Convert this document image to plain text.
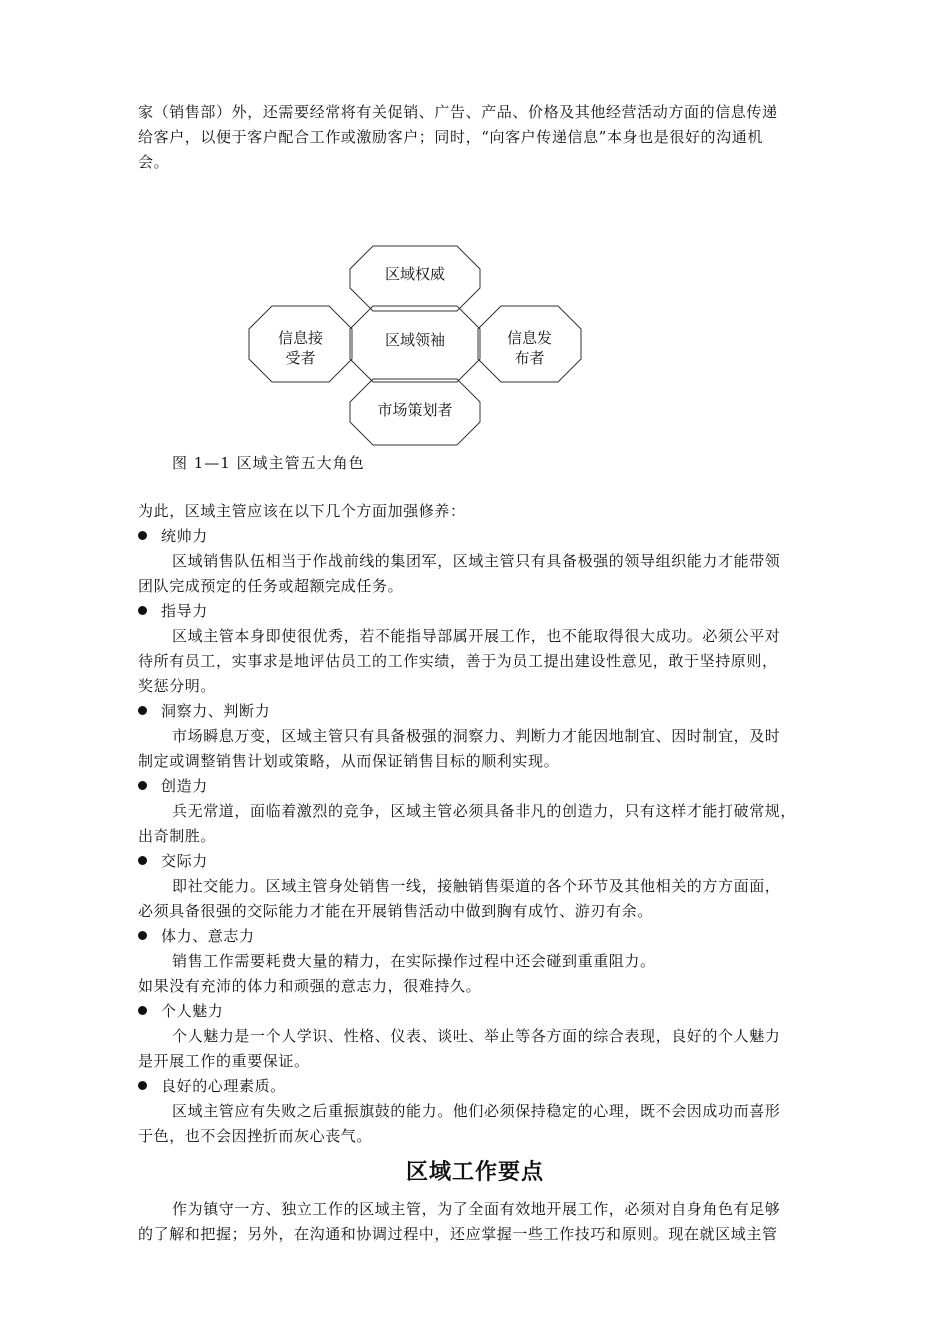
家（销售部）外，还需要经常将有关促销、广告、产品、价格及其他经营活动方面的信息传递
给客户，以便于客户配合工作或激励客户；同时，“向客户传递信息”本身也是很好的沟通机
会。
区域权威
区域领袖
信息接
受者
信息发
布者
市场策划者
图 1—1 区域主管五大角色
为此，区域主管应该在以下几个方面加强修养：
统帅力
区域销售队伍相当于作战前线的集团军，区域主管只有具备极强的领导组织能力才能带领
团队完成预定的任务或超额完成任务。
指导力
区域主管本身即使很优秀，若不能指导部属开展工作，也不能取得很大成功。必须公平对
待所有员工，实事求是地评估员工的工作实绩，善于为员工提出建设性意见，敢于坚持原则，
奖惩分明。
洞察力、判断力
市场瞬息万变，区域主管只有具备极强的洞察力、判断力才能因地制宜、因时制宜，及时
制定或调整销售计划或策略，从而保证销售目标的顺利实现。
创造力
兵无常道，面临着激烈的竞争，区域主管必须具备非凡的创造力，只有这样才能打破常规，
出奇制胜。
交际力
即社交能力。区域主管身处销售一线，接触销售渠道的各个环节及其他相关的方方面面，
必须具备很强的交际能力才能在开展销售活动中做到胸有成竹、游刃有余。
体力、意志力
销售工作需要耗费大量的精力，在实际操作过程中还会碰到重重阻力。
如果没有充沛的体力和顽强的意志力，很难持久。
个人魅力
个人魅力是一个人学识、性格、仪表、谈吐、举止等各方面的综合表现，良好的个人魅力
是开展工作的重要保证。
良好的心理素质。
区域主管应有失败之后重振旗鼓的能力。他们必须保持稳定的心理，既不会因成功而喜形
于色，也不会因挫折而灰心丧气。
区域工作要点
作为镇守一方、独立工作的区域主管，为了全面有效地开展工作，必须对自身角色有足够
的了解和把握；另外，在沟通和协调过程中，还应掌握一些工作技巧和原则。现在就区域主管
